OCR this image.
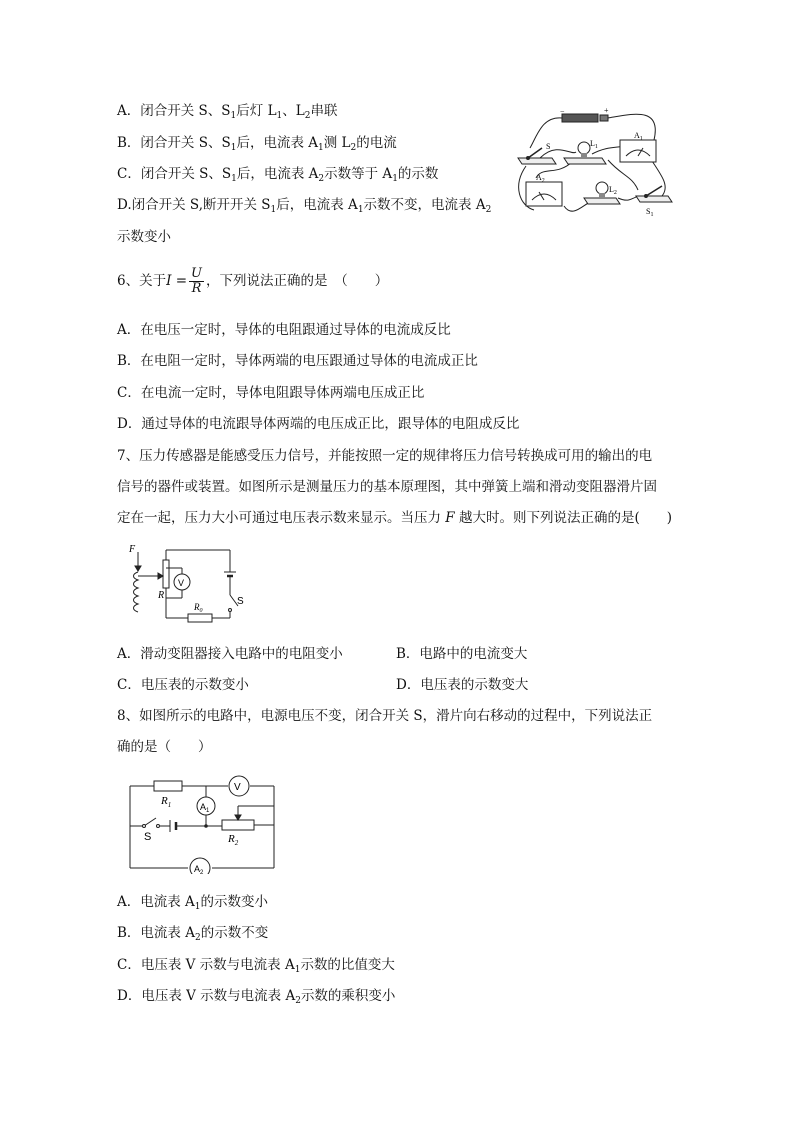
A．闭合开关 S、$S_1$后灯 $L_1$、$L_2$串联
B．闭合开关 S、$S_1$后，电流表 $A_1$测 $L_2$的电流
C．闭合开关 S、$S_1$后，电流表 $A_2$示数等于 $A_1$的示数
D.闭合开关 S,断开开关 $S_1$后，电流表 $A_1$示数不变，电流表 $A_2$
示数变小
S	$L_1$
$A_1$
$A_2$
$L_2$
$S_1$
−	+
6、关于$I = \frac{U}{R}$ ，下列说法正确的是　（　　）
A．在电压一定时，导体的电阻跟通过导体的电流成反比
B．在电阻一定时，导体两端的电压跟通过导体的电流成正比
C．在电流一定时，导体电阻跟导体两端电压成正比
D．通过导体的电流跟导体两端的电压成正比，跟导体的电阻成反比
7、压力传感器是能感受压力信号，并能按照一定的规律将压力信号转换成可用的输出的电
信号的器件或装置。如图所示是测量压力的基本原理图，其中弹簧上端和滑动变阻器滑片固
定在一起，压力大小可通过电压表示数来显示。当压力 F 越大时。则下列说法正确的是(　　)
F
R
V
$R_0$
S
A．滑动变阻器接入电路中的电阻变小	B．电路中的电流变大
C．电压表的示数变小	D．电压表的示数变大
8、如图所示的电路中，电源电压不变，闭合开关 S，滑片向右移动的过程中，下列说法正
确的是（　　）
$R_1$
V
$A_1$
S	$R_2$
$A_2$
A．电流表 $A_1$的示数变小
B．电流表 $A_2$的示数不变
C．电压表 V 示数与电流表 $A_1$示数的比值变大
D．电压表 V 示数与电流表 $A_2$示数的乘积变小
